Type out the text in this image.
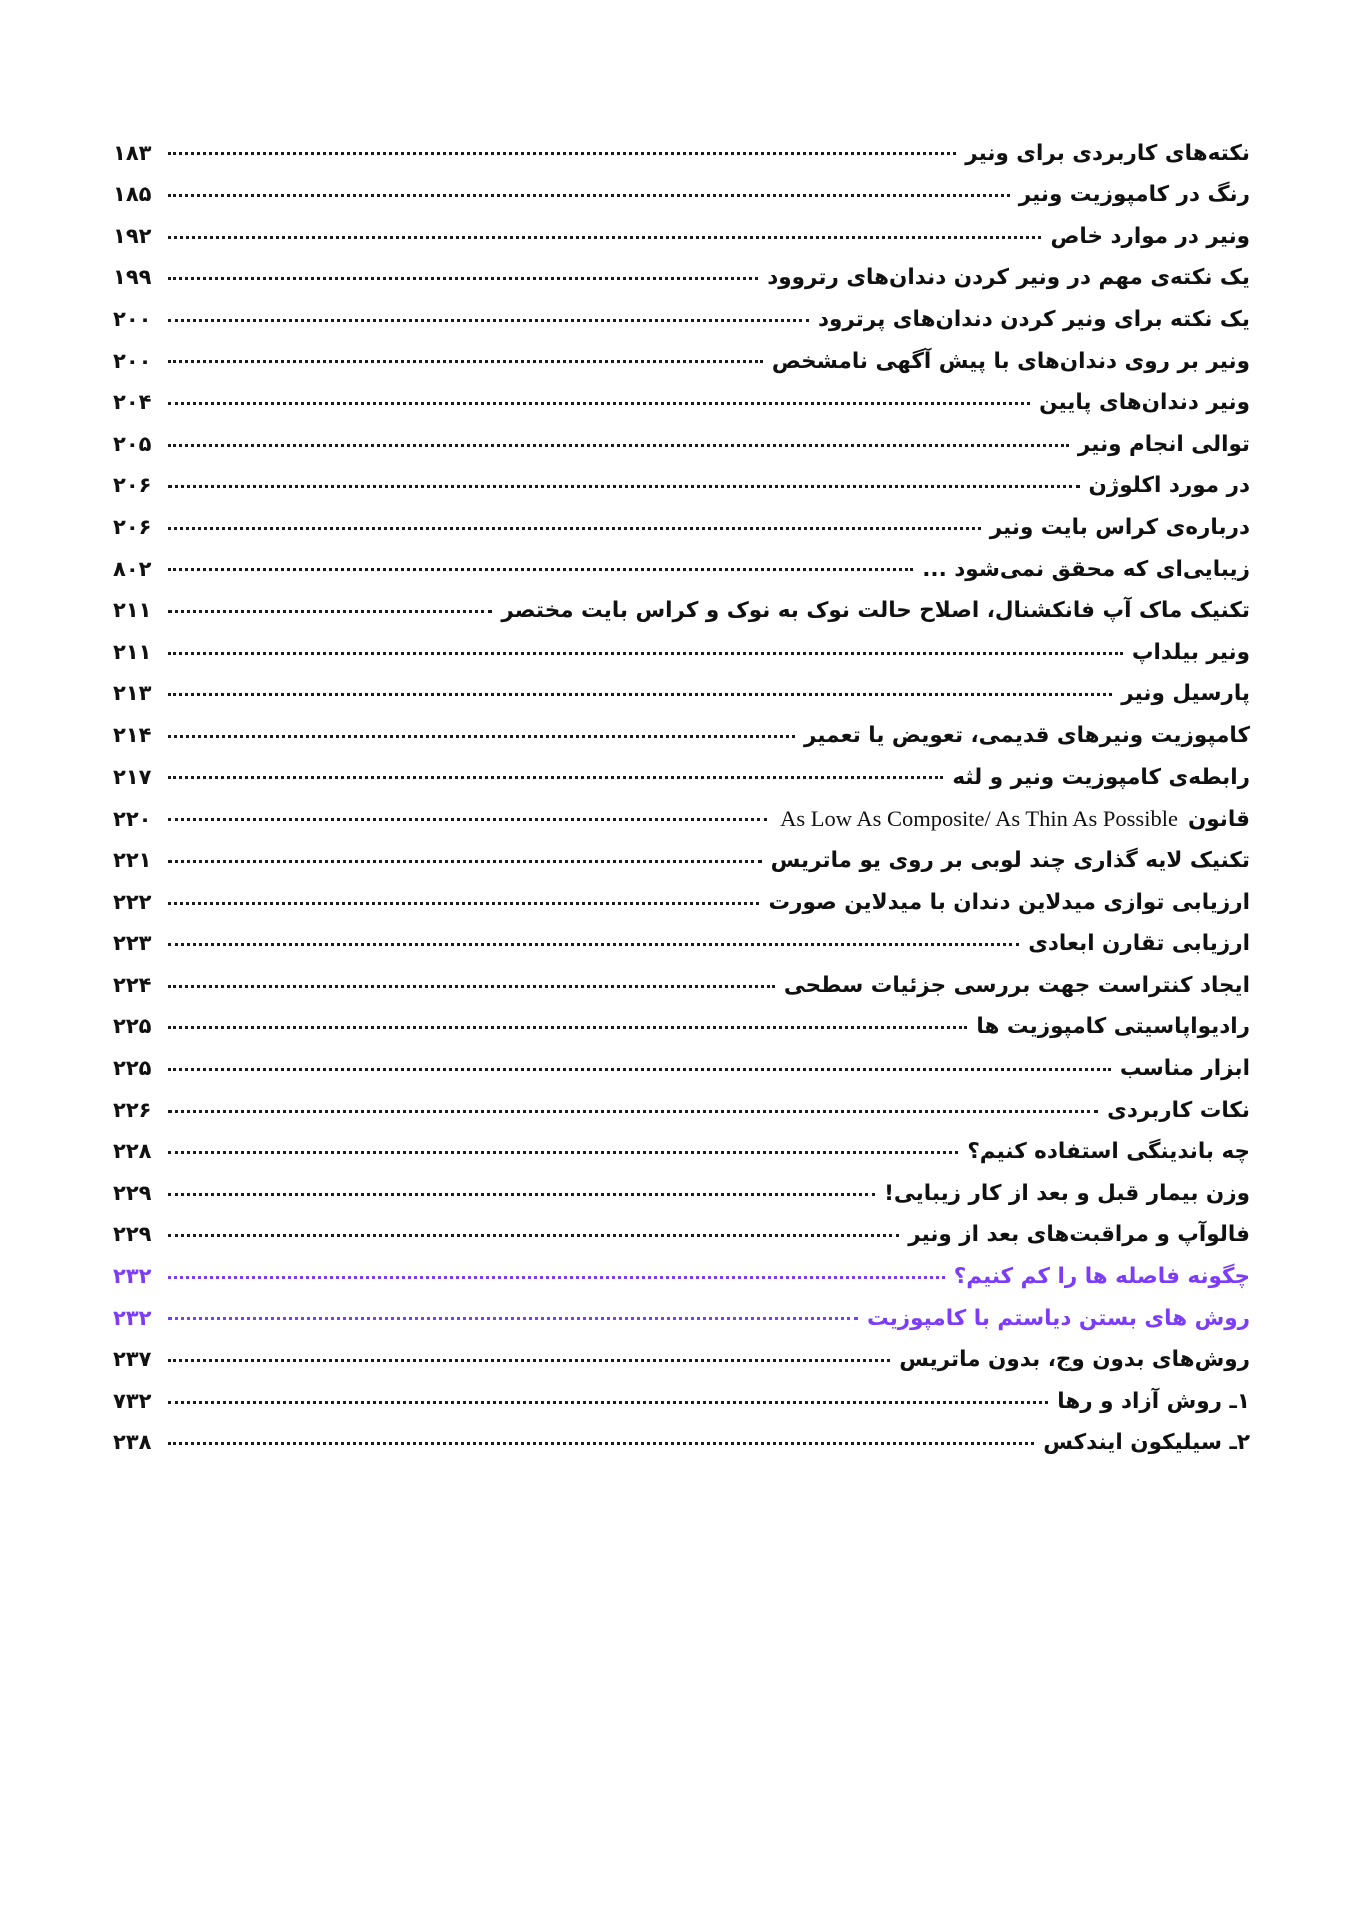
نکته‌های کاربردی برای ونیر
۱۸۳
رنگ در کامپوزیت ونیر
۱۸۵
ونیر در موارد خاص
۱۹۲
یک نکته‌ی مهم در ونیر کردن دندان‌های رتروود
۱۹۹
یک نکته برای ونیر کردن دندان‌های پرترود
۲۰۰
ونیر بر روی دندان‌های با پیش آگهی نامشخص
۲۰۰
ونیر دندان‌های پایین
۲۰۴
توالی انجام ونیر
۲۰۵
در مورد اکلوژن
۲۰۶
درباره‌ی کراس بایت ونیر
۲۰۶
زیبایی‌ای که محقق نمی‌شود ...
۸۰۲
تکنیک ماک آپ فانکشنال، اصلاح حالت نوک به نوک و کراس بایت مختصر
۲۱۱
ونیر بیلداپ
۲۱۱
پارسیل ونیر
۲۱۳
کامپوزیت ونیرهای قدیمی، تعویض یا تعمیر
۲۱۴
رابطه‌ی کامپوزیت ونیر و لثه
۲۱۷
قانون
As Low As Composite/ As Thin As Possible
۲۲۰
تکنیک لایه گذاری چند لوبی بر روی یو ماتریس
۲۲۱
ارزیابی توازی میدلاین دندان با میدلاین صورت
۲۲۲
ارزیابی تقارن ابعادی
۲۲۳
ایجاد کنتراست جهت بررسی جزئیات سطحی
۲۲۴
رادیواپاسیتی کامپوزیت ها
۲۲۵
ابزار مناسب
۲۲۵
نکات کاربردی
۲۲۶
چه باندینگی استفاده کنیم؟
۲۲۸
وزن بیمار قبل و بعد از کار زیبایی!
۲۲۹
فالوآپ و مراقبت‌های بعد از ونیر
۲۲۹
چگونه فاصله ها را کم کنیم؟
۲۳۲
روش های بستن دیاستم با کامپوزیت
۲۳۲
روش‌های بدون وج، بدون ماتریس
۲۳۷
۱ـ روش آزاد و رها
۷۳۲
۲ـ سیلیکون ایندکس
۲۳۸
